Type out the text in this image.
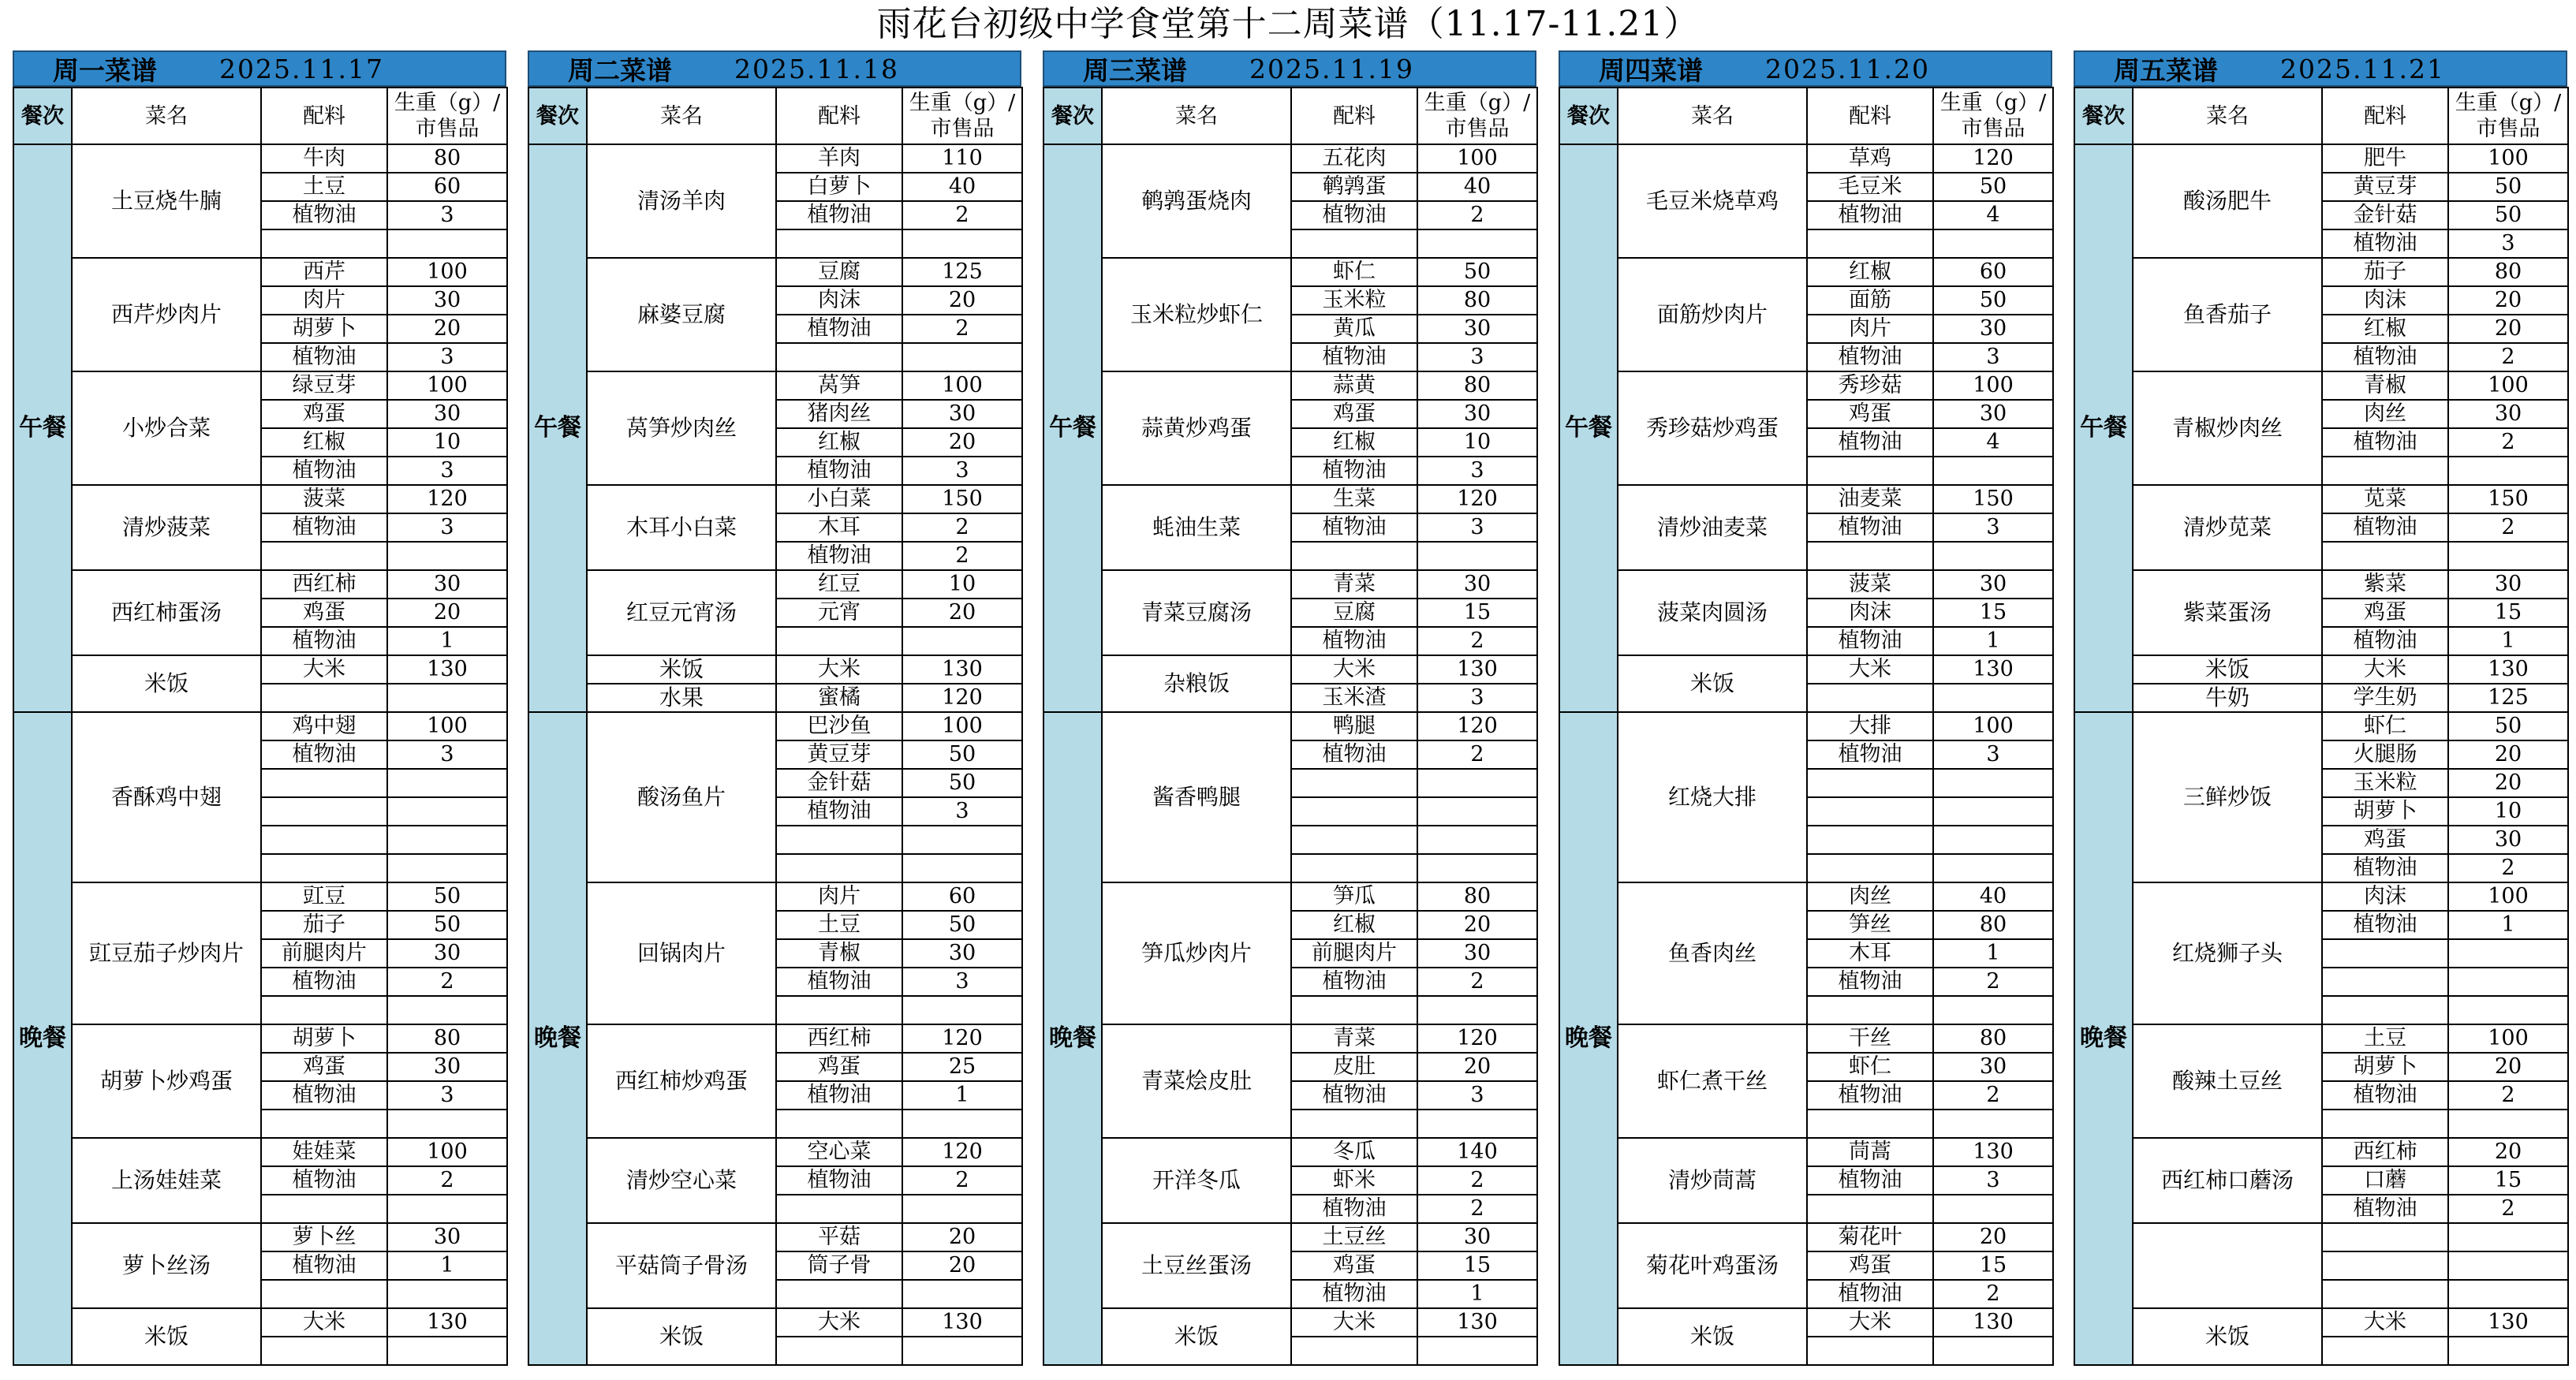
雨花台初级中学食堂第十二周菜谱（11.17-11.21）
周一菜谱	2025.11.17
餐次	菜名	配料	生重（g）/市售品
午餐	土豆烧牛腩	牛肉	80
		土豆	60
		植物油	3

	西芹炒肉片	西芹	100
		肉片	30
		胡萝卜	20
		植物油	3
	小炒合菜	绿豆芽	100
		鸡蛋	30
		红椒	10
		植物油	3
	清炒菠菜	菠菜	120
		植物油	3

	西红柿蛋汤	西红柿	30
		鸡蛋	20
		植物油	1
	米饭	大米	130

晚餐	香酥鸡中翅	鸡中翅	100
		植物油	3

	豇豆茄子炒肉片	豇豆	50
		茄子	50
		前腿肉片	30
		植物油	2

	胡萝卜炒鸡蛋	胡萝卜	80
		鸡蛋	30
		植物油	3

	上汤娃娃菜	娃娃菜	100
		植物油	2

	萝卜丝汤	萝卜丝	30
		植物油	1

	米饭	大米	130

周二菜谱	2025.11.18
餐次	菜名	配料	生重（g）/市售品
午餐	清汤羊肉	羊肉	110
		白萝卜	40
		植物油	2

	麻婆豆腐	豆腐	125
		肉沫	20
		植物油	2

	莴笋炒肉丝	莴笋	100
		猪肉丝	30
		红椒	20
		植物油	3
	木耳小白菜	小白菜	150
		木耳	2
		植物油	2
	红豆元宵汤	红豆	10
		元宵	20

	米饭	大米	130
	水果	蜜橘	120
晚餐	酸汤鱼片	巴沙鱼	100
		黄豆芽	50
		金针菇	50
		植物油	3

	回锅肉片	肉片	60
		土豆	50
		青椒	30
		植物油	3

	西红柿炒鸡蛋	西红柿	120
		鸡蛋	25
		植物油	1

	清炒空心菜	空心菜	120
		植物油	2

	平菇筒子骨汤	平菇	20
		筒子骨	20

	米饭	大米	130

周三菜谱	2025.11.19
餐次	菜名	配料	生重（g）/市售品
午餐	鹌鹑蛋烧肉	五花肉	100
		鹌鹑蛋	40
		植物油	2

	玉米粒炒虾仁	虾仁	50
		玉米粒	80
		黄瓜	30
		植物油	3
	蒜黄炒鸡蛋	蒜黄	80
		鸡蛋	30
		红椒	10
		植物油	3
	蚝油生菜	生菜	120
		植物油	3

	青菜豆腐汤	青菜	30
		豆腐	15
		植物油	2
	杂粮饭	大米	130
		玉米渣	3
晚餐	酱香鸭腿	鸭腿	120
		植物油	2

	笋瓜炒肉片	笋瓜	80
		红椒	20
		前腿肉片	30
		植物油	2

	青菜烩皮肚	青菜	120
		皮肚	20
		植物油	3

	开洋冬瓜	冬瓜	140
		虾米	2
		植物油	2
	土豆丝蛋汤	土豆丝	30
		鸡蛋	15
		植物油	1
	米饭	大米	130

周四菜谱	2025.11.20
餐次	菜名	配料	生重（g）/市售品
午餐	毛豆米烧草鸡	草鸡	120
		毛豆米	50
		植物油	4

	面筋炒肉片	红椒	60
		面筋	50
		肉片	30
		植物油	3
	秀珍菇炒鸡蛋	秀珍菇	100
		鸡蛋	30
		植物油	4

	清炒油麦菜	油麦菜	150
		植物油	3

	菠菜肉圆汤	菠菜	30
		肉沫	15
		植物油	1
	米饭	大米	130

晚餐	红烧大排	大排	100
		植物油	3

	鱼香肉丝	肉丝	40
		笋丝	80
		木耳	1
		植物油	2

	虾仁煮干丝	干丝	80
		虾仁	30
		植物油	2

	清炒茼蒿	茼蒿	130
		植物油	3

	菊花叶鸡蛋汤	菊花叶	20
		鸡蛋	15
		植物油	2
	米饭	大米	130

周五菜谱	2025.11.21
餐次	菜名	配料	生重（g）/市售品
午餐	酸汤肥牛	肥牛	100
		黄豆芽	50
		金针菇	50
		植物油	3
	鱼香茄子	茄子	80
		肉沫	20
		红椒	20
		植物油	2
	青椒炒肉丝	青椒	100
		肉丝	30
		植物油	2

	清炒苋菜	苋菜	150
		植物油	2

	紫菜蛋汤	紫菜	30
		鸡蛋	15
		植物油	1
	米饭	大米	130
	牛奶	学生奶	125
晚餐	三鲜炒饭	虾仁	50
		火腿肠	20
		玉米粒	20
		胡萝卜	10
		鸡蛋	30
		植物油	2
	红烧狮子头	肉沫	100
		植物油	1

	酸辣土豆丝	土豆	100
		胡萝卜	20
		植物油	2

	西红柿口蘑汤	西红柿	20
		口蘑	15
		植物油	2

	米饭	大米	130
